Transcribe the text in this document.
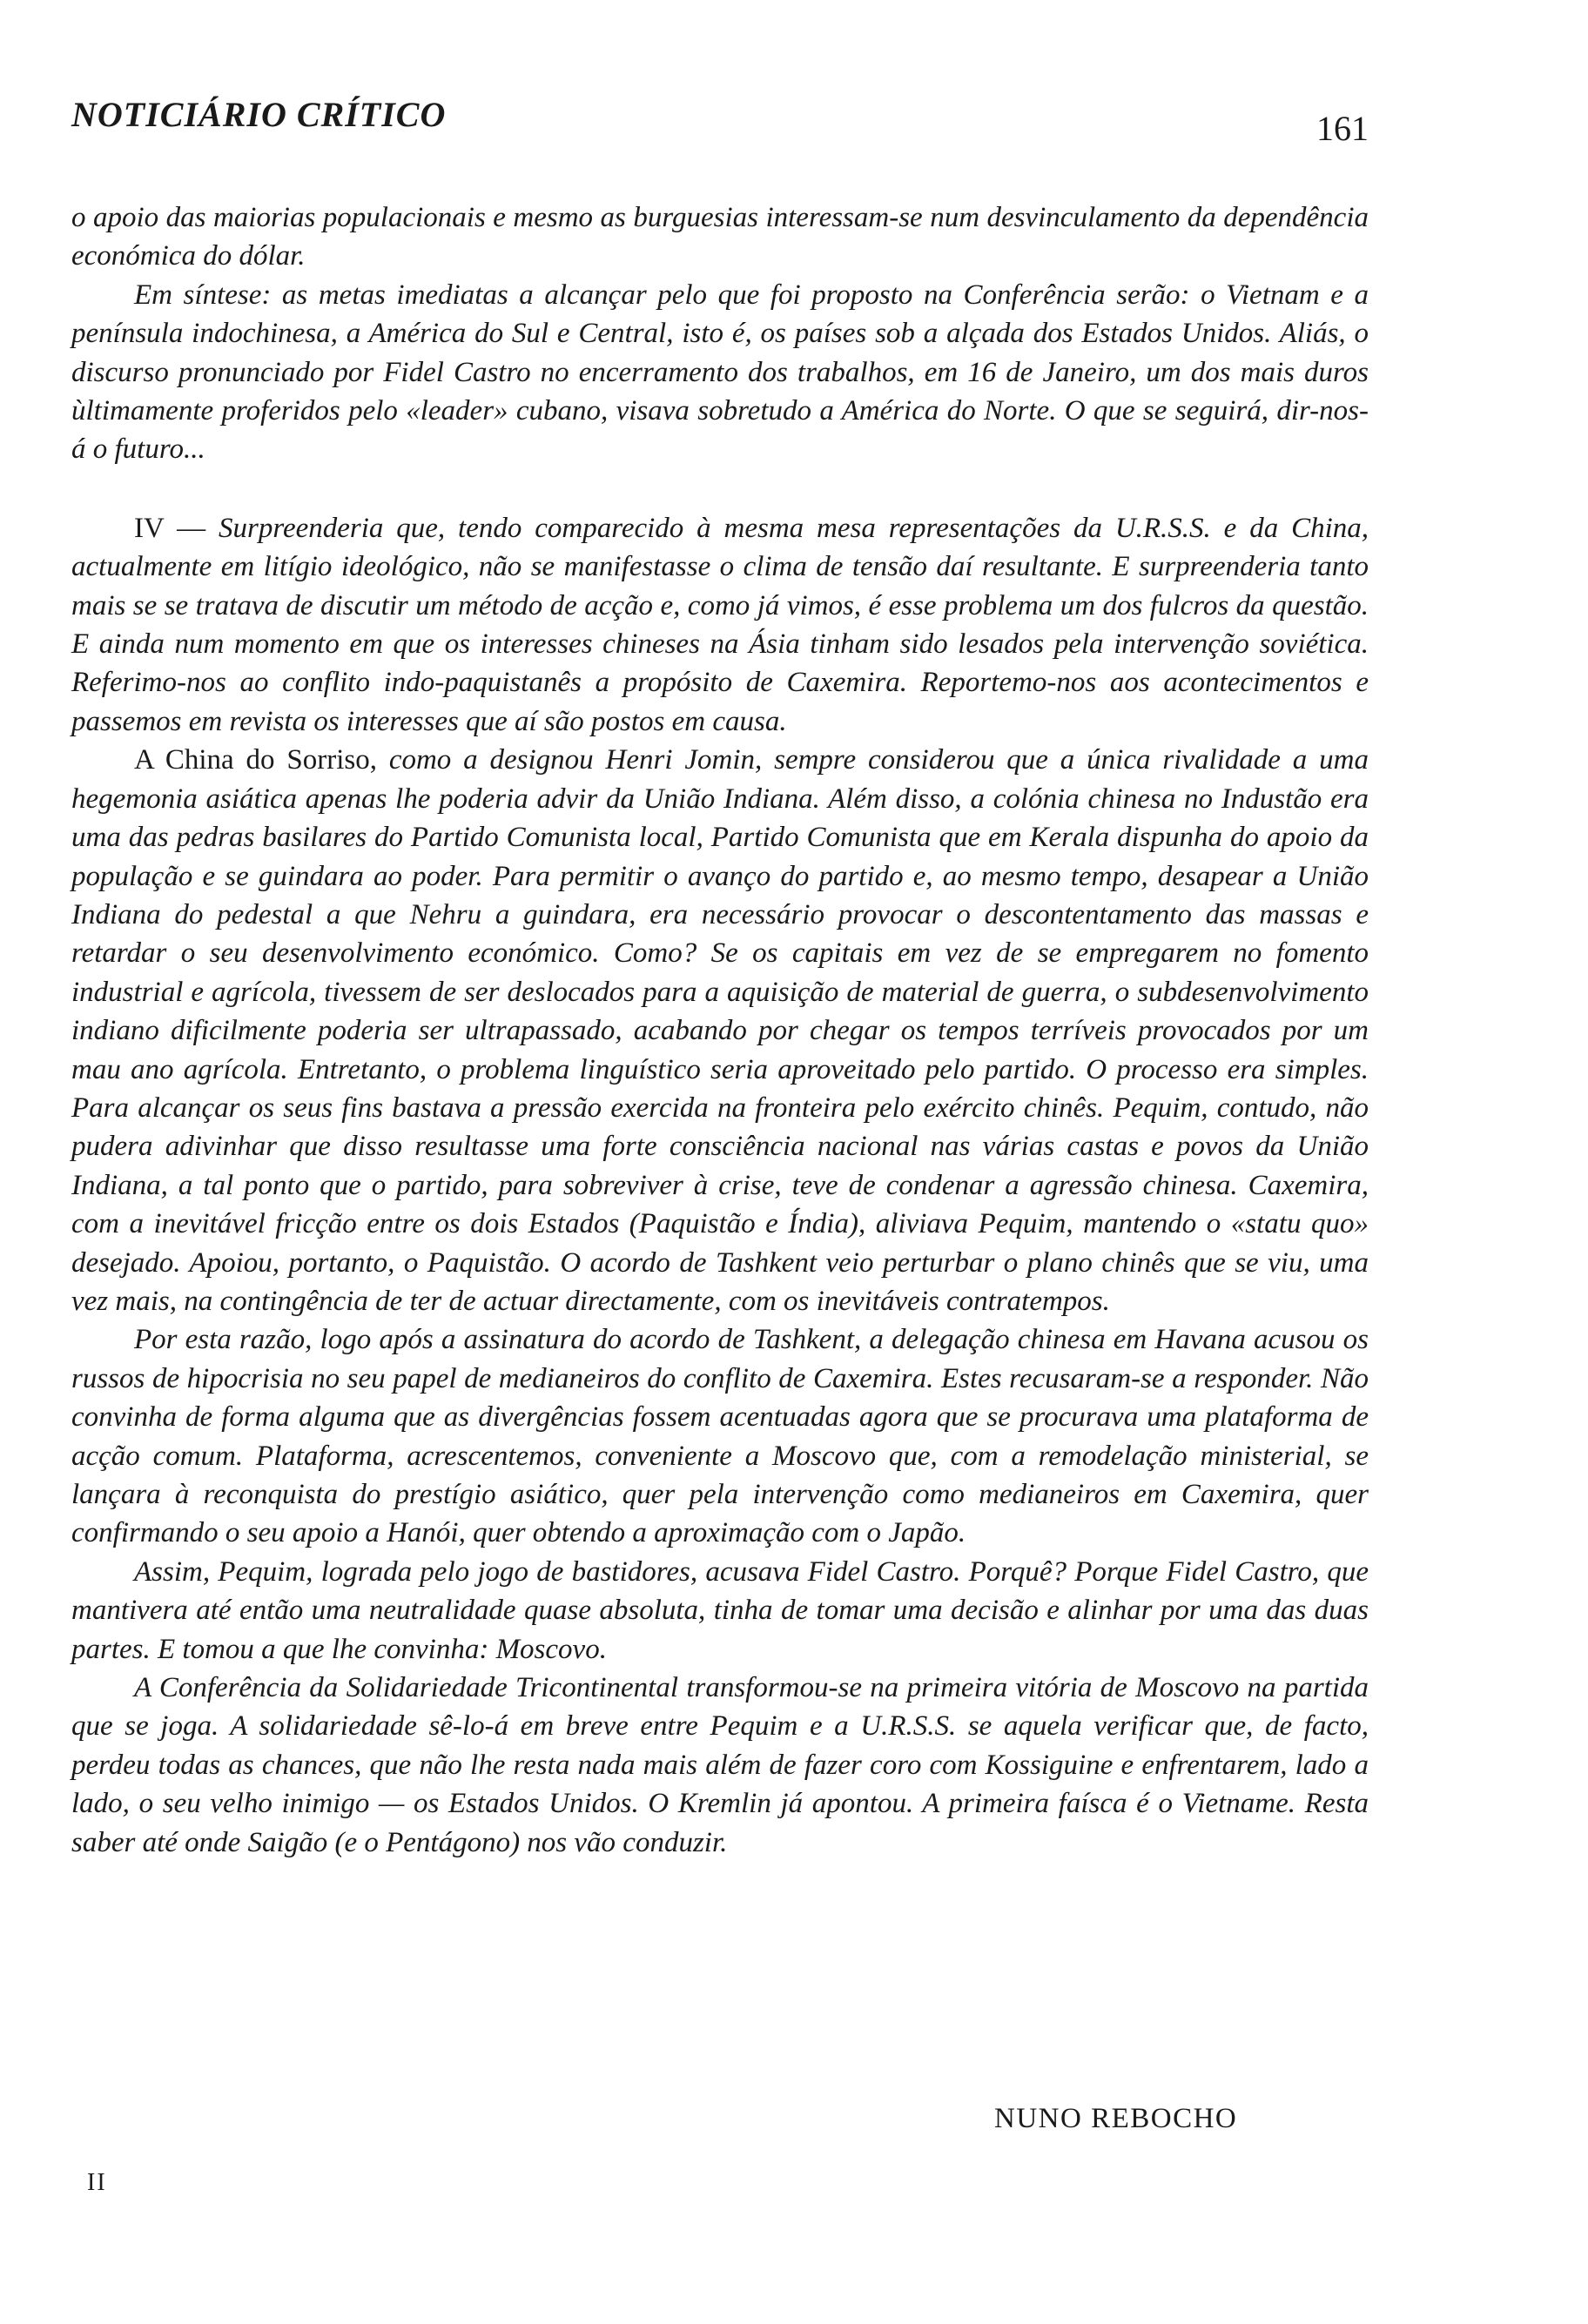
NOTICIÁRIO CRÍTICO	161

o apoio das maiorias populacionais e mesmo as burguesias interessam-se num desvinculamento da dependência económica do dólar.

Em síntese: as metas imediatas a alcançar pelo que foi proposto na Conferência serão: o Vietnam e a península indochinesa, a América do Sul e Central, isto é, os países sob a alçada dos Estados Unidos. Aliás, o discurso pronunciado por Fidel Castro no encerramento dos trabalhos, em 16 de Janeiro, um dos mais duros ùltimamente proferidos pelo «leader» cubano, visava sobretudo a América do Norte. O que se seguirá, dir-nos-á o futuro...

IV — Surpreenderia que, tendo comparecido à mesma mesa representações da U.R.S.S. e da China, actualmente em litígio ideológico, não se manifestasse o clima de tensão daí resultante. E surpreenderia tanto mais se se tratava de discutir um método de acção e, como já vimos, é esse problema um dos fulcros da questão. E ainda num momento em que os interesses chineses na Ásia tinham sido lesados pela intervenção soviética. Referimo-nos ao conflito indo-paquistanês a propósito de Caxemira. Reportemo-nos aos acontecimentos e passemos em revista os interesses que aí são postos em causa.

A China do Sorriso, como a designou Henri Jomin, sempre considerou que a única rivalidade a uma hegemonia asiática apenas lhe poderia advir da União Indiana. Além disso, a colónia chinesa no Industão era uma das pedras basilares do Partido Comunista local, Partido Comunista que em Kerala dispunha do apoio da população e se guindara ao poder. Para permitir o avanço do partido e, ao mesmo tempo, desapear a União Indiana do pedestal a que Nehru a guindara, era necessário provocar o descontentamento das massas e retardar o seu desenvolvimento económico. Como? Se os capitais em vez de se empregarem no fomento industrial e agrícola, tivessem de ser deslocados para a aquisição de material de guerra, o subdesenvolvimento indiano dificilmente poderia ser ultrapassado, acabando por chegar os tempos terríveis provocados por um mau ano agrícola. Entretanto, o problema linguístico seria aproveitado pelo partido. O processo era simples. Para alcançar os seus fins bastava a pressão exercida na fronteira pelo exército chinês. Pequim, contudo, não pudera adivinhar que disso resultasse uma forte consciência nacional nas várias castas e povos da União Indiana, a tal ponto que o partido, para sobreviver à crise, teve de condenar a agressão chinesa. Caxemira, com a inevitável fricção entre os dois Estados (Paquistão e Índia), aliviava Pequim, mantendo o «statu quo» desejado. Apoiou, portanto, o Paquistão. O acordo de Tashkent veio perturbar o plano chinês que se viu, uma vez mais, na contingência de ter de actuar directamente, com os inevitáveis contratempos.

Por esta razão, logo após a assinatura do acordo de Tashkent, a delegação chinesa em Havana acusou os russos de hipocrisia no seu papel de medianeiros do conflito de Caxemira. Estes recusaram-se a responder. Não convinha de forma alguma que as divergências fossem acentuadas agora que se procurava uma plataforma de acção comum. Plataforma, acrescentemos, conveniente a Moscovo que, com a remodelação ministerial, se lançara à reconquista do prestígio asiático, quer pela intervenção como medianeiros em Caxemira, quer confirmando o seu apoio a Hanói, quer obtendo a aproximação com o Japão.

Assim, Pequim, lograda pelo jogo de bastidores, acusava Fidel Castro. Porquê? Porque Fidel Castro, que mantivera até então uma neutralidade quase absoluta, tinha de tomar uma decisão e alinhar por uma das duas partes. E tomou a que lhe convinha: Moscovo.

A Conferência da Solidariedade Tricontinental transformou-se na primeira vitória de Moscovo na partida que se joga. A solidariedade sê-lo-á em breve entre Pequim e a U.R.S.S. se aquela verificar que, de facto, perdeu todas as chances, que não lhe resta nada mais além de fazer coro com Kossiguine e enfrentarem, lado a lado, o seu velho inimigo — os Estados Unidos. O Kremlin já apontou. A primeira faísca é o Vietname. Resta saber até onde Saigão (e o Pentágono) nos vão conduzir.

NUNO REBOCHO
II
